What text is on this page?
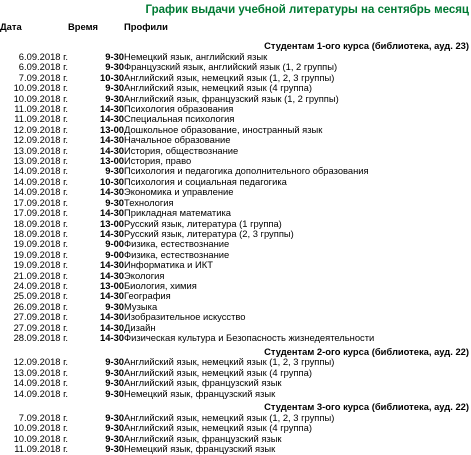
График выдачи учебной литературы на сентябрь месяц
Дата	Время	Профили
Студентам 1-ого курса (библиотека, ауд. 23)		
6.09.2018 г.	9-30	Немецкий язык, английский язык
6.09.2018 г.	9-30	Французский язык, английский язык (1, 2 группы)
7.09.2018 г.	10-30	Английский язык, немецкий язык (1, 2, 3 группы)
10.09.2018 г.	9-30	Английский язык, немецкий язык (4 группа)
10.09.2018 г.	9-30	Английский язык, французский язык (1, 2 группы)
11.09.2018 г.	14-30	Психология образования
11.09.2018 г.	14-30	Специальная психология
12.09.2018 г.	13-00	Дошкольное образование, иностранный язык
12.09.2018 г.	14-30	Начальное образование
13.09.2018 г.	14-30	История, обществознание
13.09.2018 г.	13-00	История, право
14.09.2018 г.	9-30	Психология и педагогика дополнительного образования
14.09.2018 г.	10-30	Психология и социальная педагогика
14.09.2018 г.	14-30	Экономика и управление
17.09.2018 г.	9-30	Технология
17.09.2018 г.	14-30	Прикладная математика
18.09.2018 г.	13-00	Русский язык, литература (1 группа)
18.09.2018 г.	14-30	Русский язык, литература (2, 3 группы)
19.09.2018 г.	9-00	Физика, естествознание
19.09.2018 г.	9-00	Физика, естествознание
19.09.2018 г.	14-30	Информатика и ИКТ
21.09.2018 г.	14-30	Экология
24.09.2018 г.	13-00	Биология, химия
25.09.2018 г.	14-30	География
26.09.2018 г.	9-30	Музыка
27.09.2018 г.	14-30	Изобразительное искусство
27.09.2018 г.	14-30	Дизайн
28.09.2018 г.	14-30	Физическая культура и Безопасность жизнедеятельности
Студентам 2-ого курса (библиотека, ауд. 22)		
12.09.2018 г.	9-30	Английский язык, немецкий язык (1, 2, 3 группы)
13.09.2018 г.	9-30	Английский язык, немецкий язык (4 группа)
14.09.2018 г.	9-30	Английский язык, французский язык
14.09.2018 г.	9-30	Немецкий язык, французский язык
Студентам 3-ого курса (библиотека, ауд. 22)		
7.09.2018 г.	9-30	Английский язык, немецкий язык (1, 2, 3 группы)
10.09.2018 г.	9-30	Английский язык, немецкий язык (4 группа)
10.09.2018 г.	9-30	Английский язык, французский язык
11.09.2018 г.	9-30	Немецкий язык, французский язык
